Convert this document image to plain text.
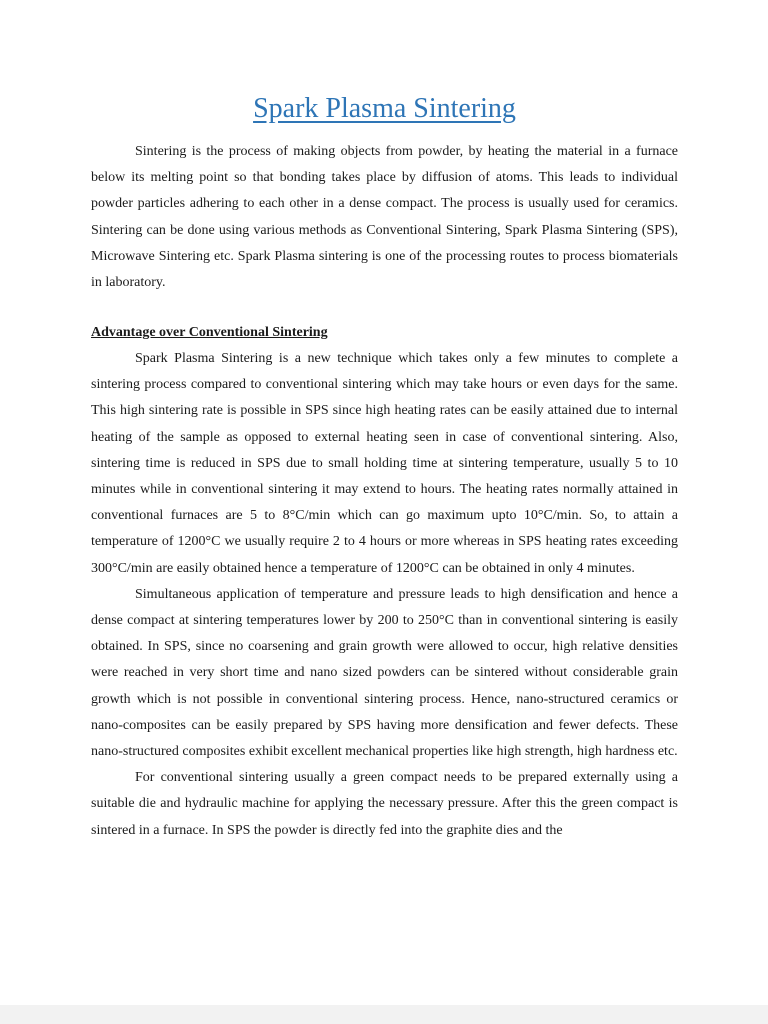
Spark Plasma Sintering

Sintering is the process of making objects from powder, by heating the material in a furnace below its melting point so that bonding takes place by diffusion of atoms. This leads to individual powder particles adhering to each other in a dense compact. The process is usually used for ceramics. Sintering can be done using various methods as Conventional Sintering, Spark Plasma Sintering (SPS), Microwave Sintering etc. Spark Plasma sintering is one of the processing routes to process biomaterials in laboratory.

Advantage over Conventional Sintering

Spark Plasma Sintering is a new technique which takes only a few minutes to complete a sintering process compared to conventional sintering which may take hours or even days for the same. This high sintering rate is possible in SPS since high heating rates can be easily attained due to internal heating of the sample as opposed to external heating seen in case of conventional sintering. Also, sintering time is reduced in SPS due to small holding time at sintering temperature, usually 5 to 10 minutes while in conventional sintering it may extend to hours. The heating rates normally attained in conventional furnaces are 5 to 8°C/min which can go maximum upto 10°C/min. So, to attain a temperature of 1200°C we usually require 2 to 4 hours or more whereas in SPS heating rates exceeding 300°C/min are easily obtained hence a temperature of 1200°C can be obtained in only 4 minutes.

Simultaneous application of temperature and pressure leads to high densification and hence a dense compact at sintering temperatures lower by 200 to 250°C than in conventional sintering is easily obtained. In SPS, since no coarsening and grain growth were allowed to occur, high relative densities were reached in very short time and nano sized powders can be sintered without considerable grain growth which is not possible in conventional sintering process. Hence, nano-structured ceramics or nano-composites can be easily prepared by SPS having more densification and fewer defects. These nano-structured composites exhibit excellent mechanical properties like high strength, high hardness etc.

For conventional sintering usually a green compact needs to be prepared externally using a suitable die and hydraulic machine for applying the necessary pressure. After this the green compact is sintered in a furnace. In SPS the powder is directly fed into the graphite dies and the
